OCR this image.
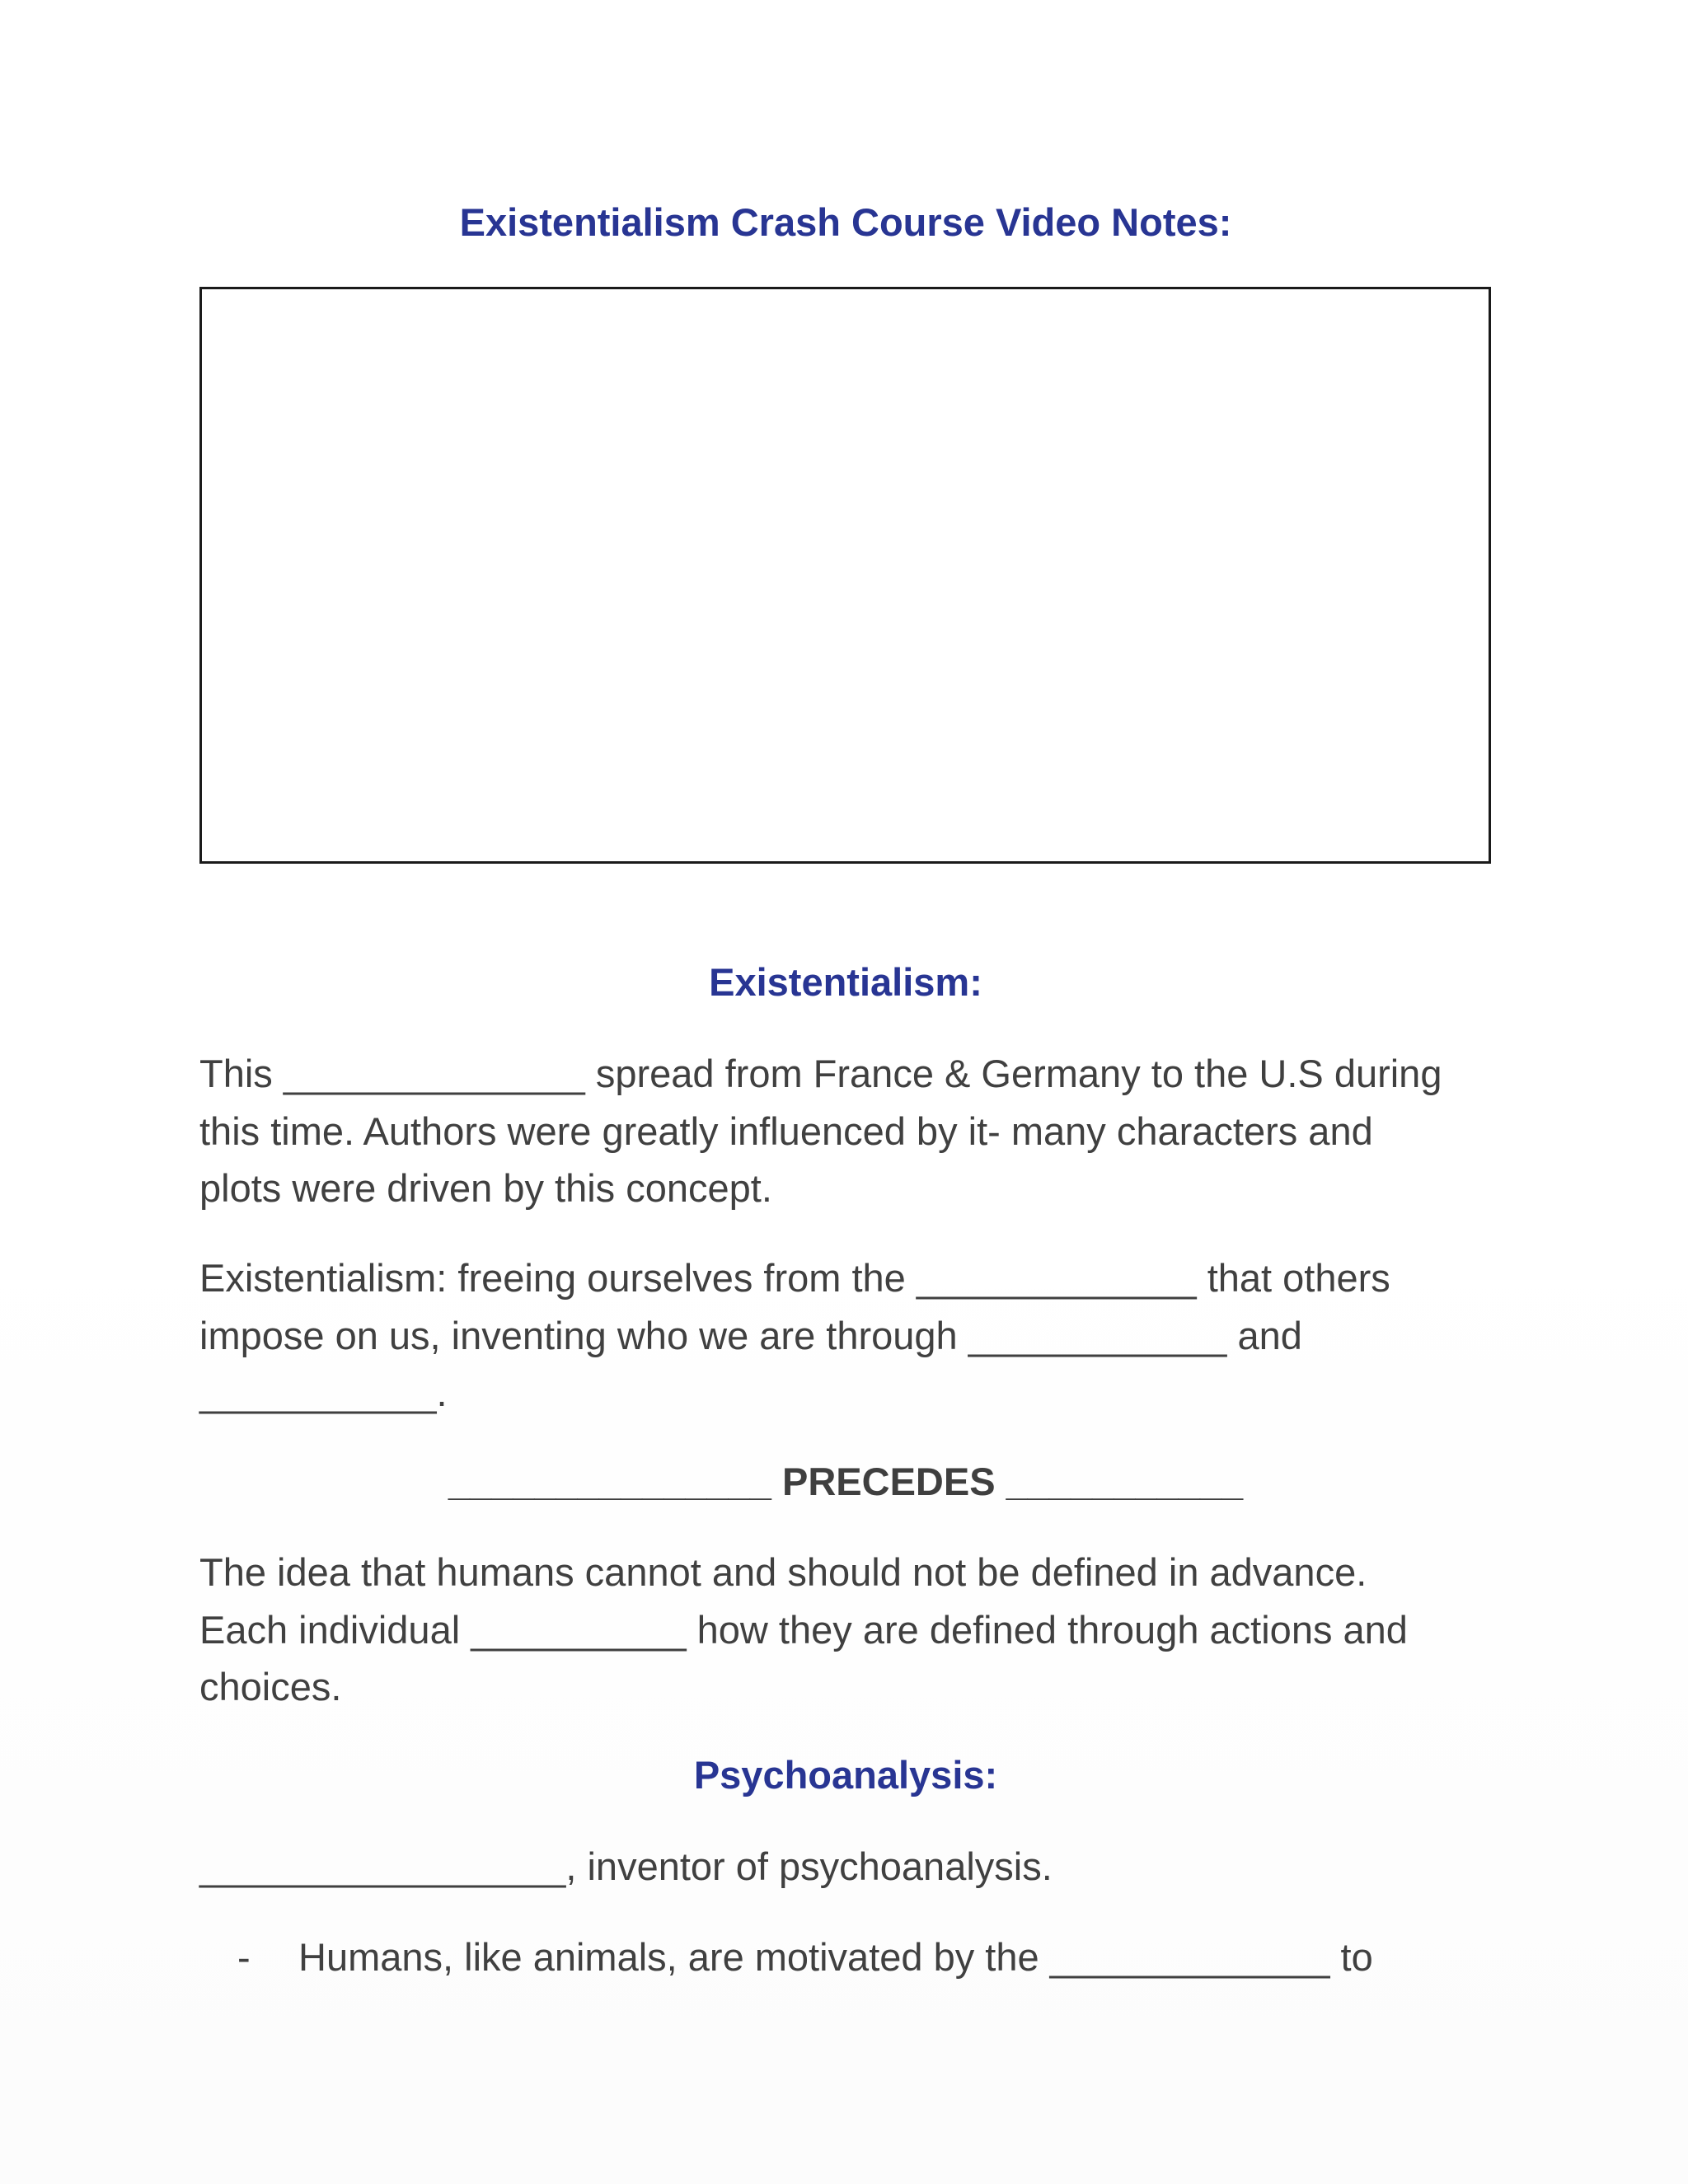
Existentialism Crash Course Video Notes:
Existentialism:
This ______________ spread from France & Germany to the U.S during
this time. Authors were greatly influenced by it- many characters and
plots were driven by this concept.
Existentialism: freeing ourselves from the _____________ that others
impose on us, inventing who we are through ____________ and
___________.
_______________ PRECEDES ___________
The idea that humans cannot and should not be defined in advance.
Each individual __________ how they are defined through actions and
choices.
Psychoanalysis:
_________________, inventor of psychoanalysis.
- Humans, like animals, are motivated by the _____________ to
